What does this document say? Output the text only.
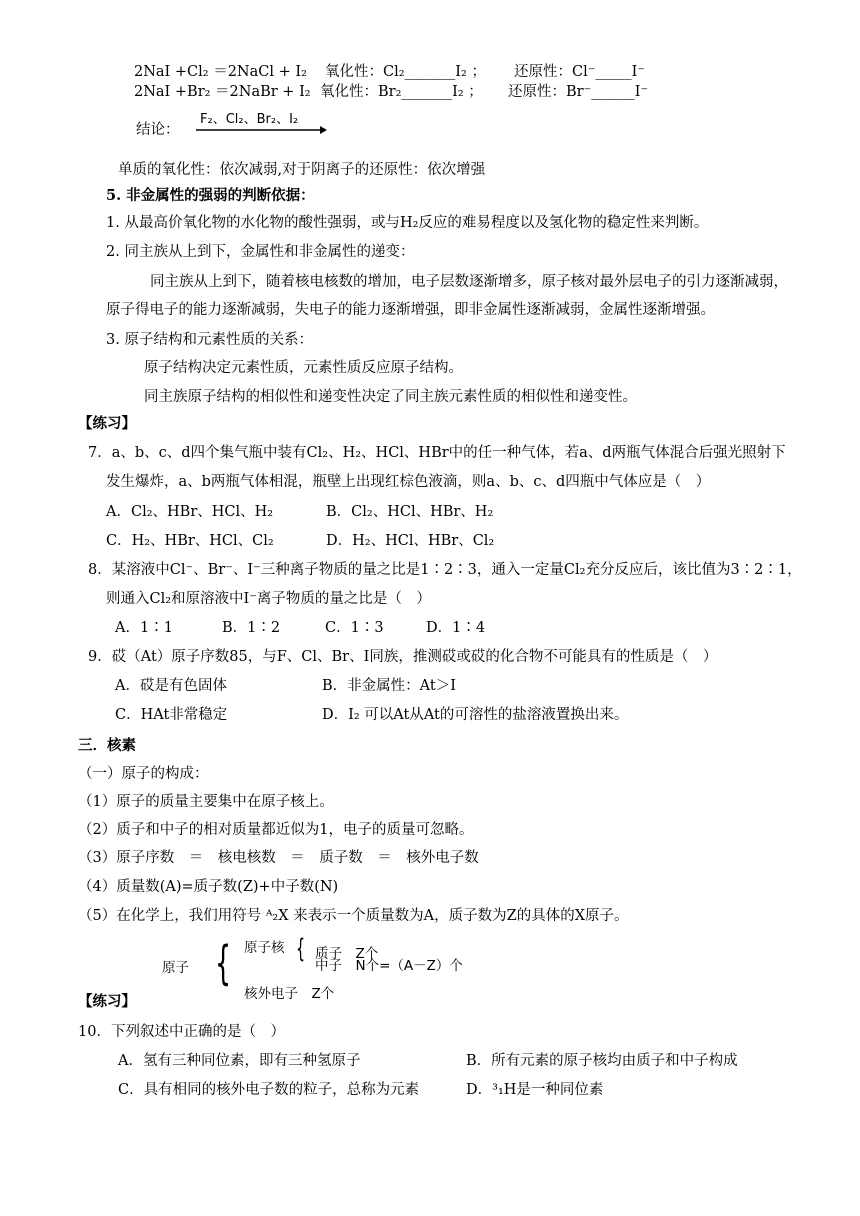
2NaI +Cl₂ ＝2NaCl + I₂ 氧化性：Cl₂_______I₂ ； 还原性：Cl⁻_____I⁻
2NaI +Br₂ ＝2NaBr + I₂ 氧化性：Br₂_______I₂ ； 还原性：Br⁻______I⁻
结论：
F₂、Cl₂、Br₂、I₂
单质的氧化性：依次减弱,对于阴离子的还原性：依次增强
5. 非金属性的强弱的判断依据：
1. 从最高价氧化物的水化物的酸性强弱，或与H₂反应的难易程度以及氢化物的稳定性来判断。
2. 同主族从上到下，金属性和非金属性的递变：
同主族从上到下，随着核电核数的增加，电子层数逐渐增多，原子核对最外层电子的引力逐渐减弱，
原子得电子的能力逐渐减弱，失电子的能力逐渐增强，即非金属性逐渐减弱，金属性逐渐增强。
3. 原子结构和元素性质的关系：
原子结构决定元素性质，元素性质反应原子结构。
同主族原子结构的相似性和递变性决定了同主族元素性质的相似性和递变性。
【练习】
7．a、b、c、d四个集气瓶中装有Cl₂、H₂、HCl、HBr中的任一种气体，若a、d两瓶气体混合后强光照射下
发生爆炸，a、b两瓶气体相混，瓶壁上出现红棕色液滴，则a、b、c、d四瓶中气体应是（　）
A．Cl₂、HBr、HCl、H₂	B．Cl₂、HCl、HBr、H₂
C．H₂、HBr、HCl、Cl₂	D．H₂、HCl、HBr、Cl₂
8．某溶液中Cl⁻、Br⁻、I⁻三种离子物质的量之比是1∶2∶3，通入一定量Cl₂充分反应后，该比值为3∶2∶1，
则通入Cl₂和原溶液中I⁻离子物质的量之比是（　）
A．1∶1	B．1∶2	C．1∶3	D．1∶4
9．砹（At）原子序数85，与F、Cl、Br、I同族，推测砹或砹的化合物不可能具有的性质是（　）
A．砹是有色固体	B．非金属性：At＞I
C．HAt非常稳定	D．I₂ 可以At从At的可溶性的盐溶液置换出来。
三．核素
（一）原子的构成：
（1）原子的质量主要集中在原子核上。
（2）质子和中子的相对质量都近似为1，电子的质量可忽略。
（3）原子序数　＝　核电核数　＝　质子数　＝　核外电子数
（4）质量数(A)=质子数(Z)+中子数(N)
（5）在化学上，我们用符号 ᴬ₂X 来表示一个质量数为A，质子数为Z的具体的X原子。
原子 { 原子核 { 质子　Z个
中子　N个=（A－Z）个
核外电子　Z个
【练习】
10．下列叙述中正确的是（　）
A．氢有三种同位素，即有三种氢原子	B．所有元素的原子核均由质子和中子构成
C．具有相同的核外电子数的粒子，总称为元素	D．³₁H是一种同位素
